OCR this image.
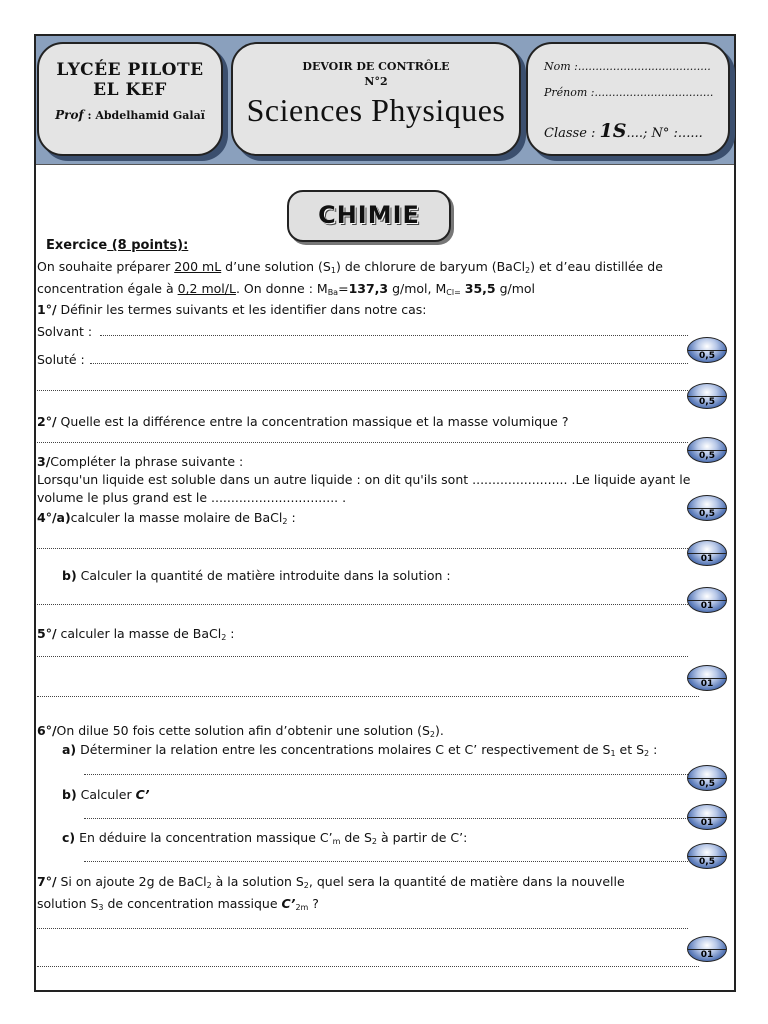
LYCÉE PILOTE
EL KEF
Prof : Abdelhamid Galaï
DEVOIR DE CONTRÔLE
N°2
Sciences Physiques
Nom :......................................
Prénom :..................................
Classe : 1S....; N° :......
CHIMIE
Exercice (8 points):
On souhaite préparer 200 mL d’une solution $(S_1)$ de chlorure de baryum (BaCl$_2$) et d’eau distillée de
concentration égale à 0,2 mol/L. On donne : $M_{Ba}=137,3$ g/mol, $M_{Cl=}$ 35,5 g/mol
1°/ Définir les termes suivants et les identifier dans notre cas:
Solvant :
Soluté :
2°/ Quelle est la différence entre la concentration massique et la masse volumique ?
3/Compléter la phrase suivante :
Lorsqu'un liquide est soluble dans un autre liquide : on dit qu'ils sont ........................ .Le liquide ayant le
volume le plus grand est le ................................ .
4°/a)calculer la masse molaire de BaCl$_2$ :
b) Calculer la quantité de matière introduite dans la solution :
5°/ calculer la masse de BaCl$_2$ :
6°/On dilue 50 fois cette solution afin d’obtenir une solution $(S_2)$.
a) Déterminer la relation entre les concentrations molaires C et C’ respectivement de $S_1$ et $S_2$ :
b) Calculer C’
c) En déduire la concentration massique $C’_m$ de $S_2$ à partir de C’:
7°/ Si on ajoute 2g de BaCl$_2$ à la solution $S_2$, quel sera la quantité de matière dans la nouvelle
solution $S_3$ de concentration massique $C’_{2m}$ ?
0,5
0,5
0,5
0,5
01
01
01
0,5
01
0,5
01
